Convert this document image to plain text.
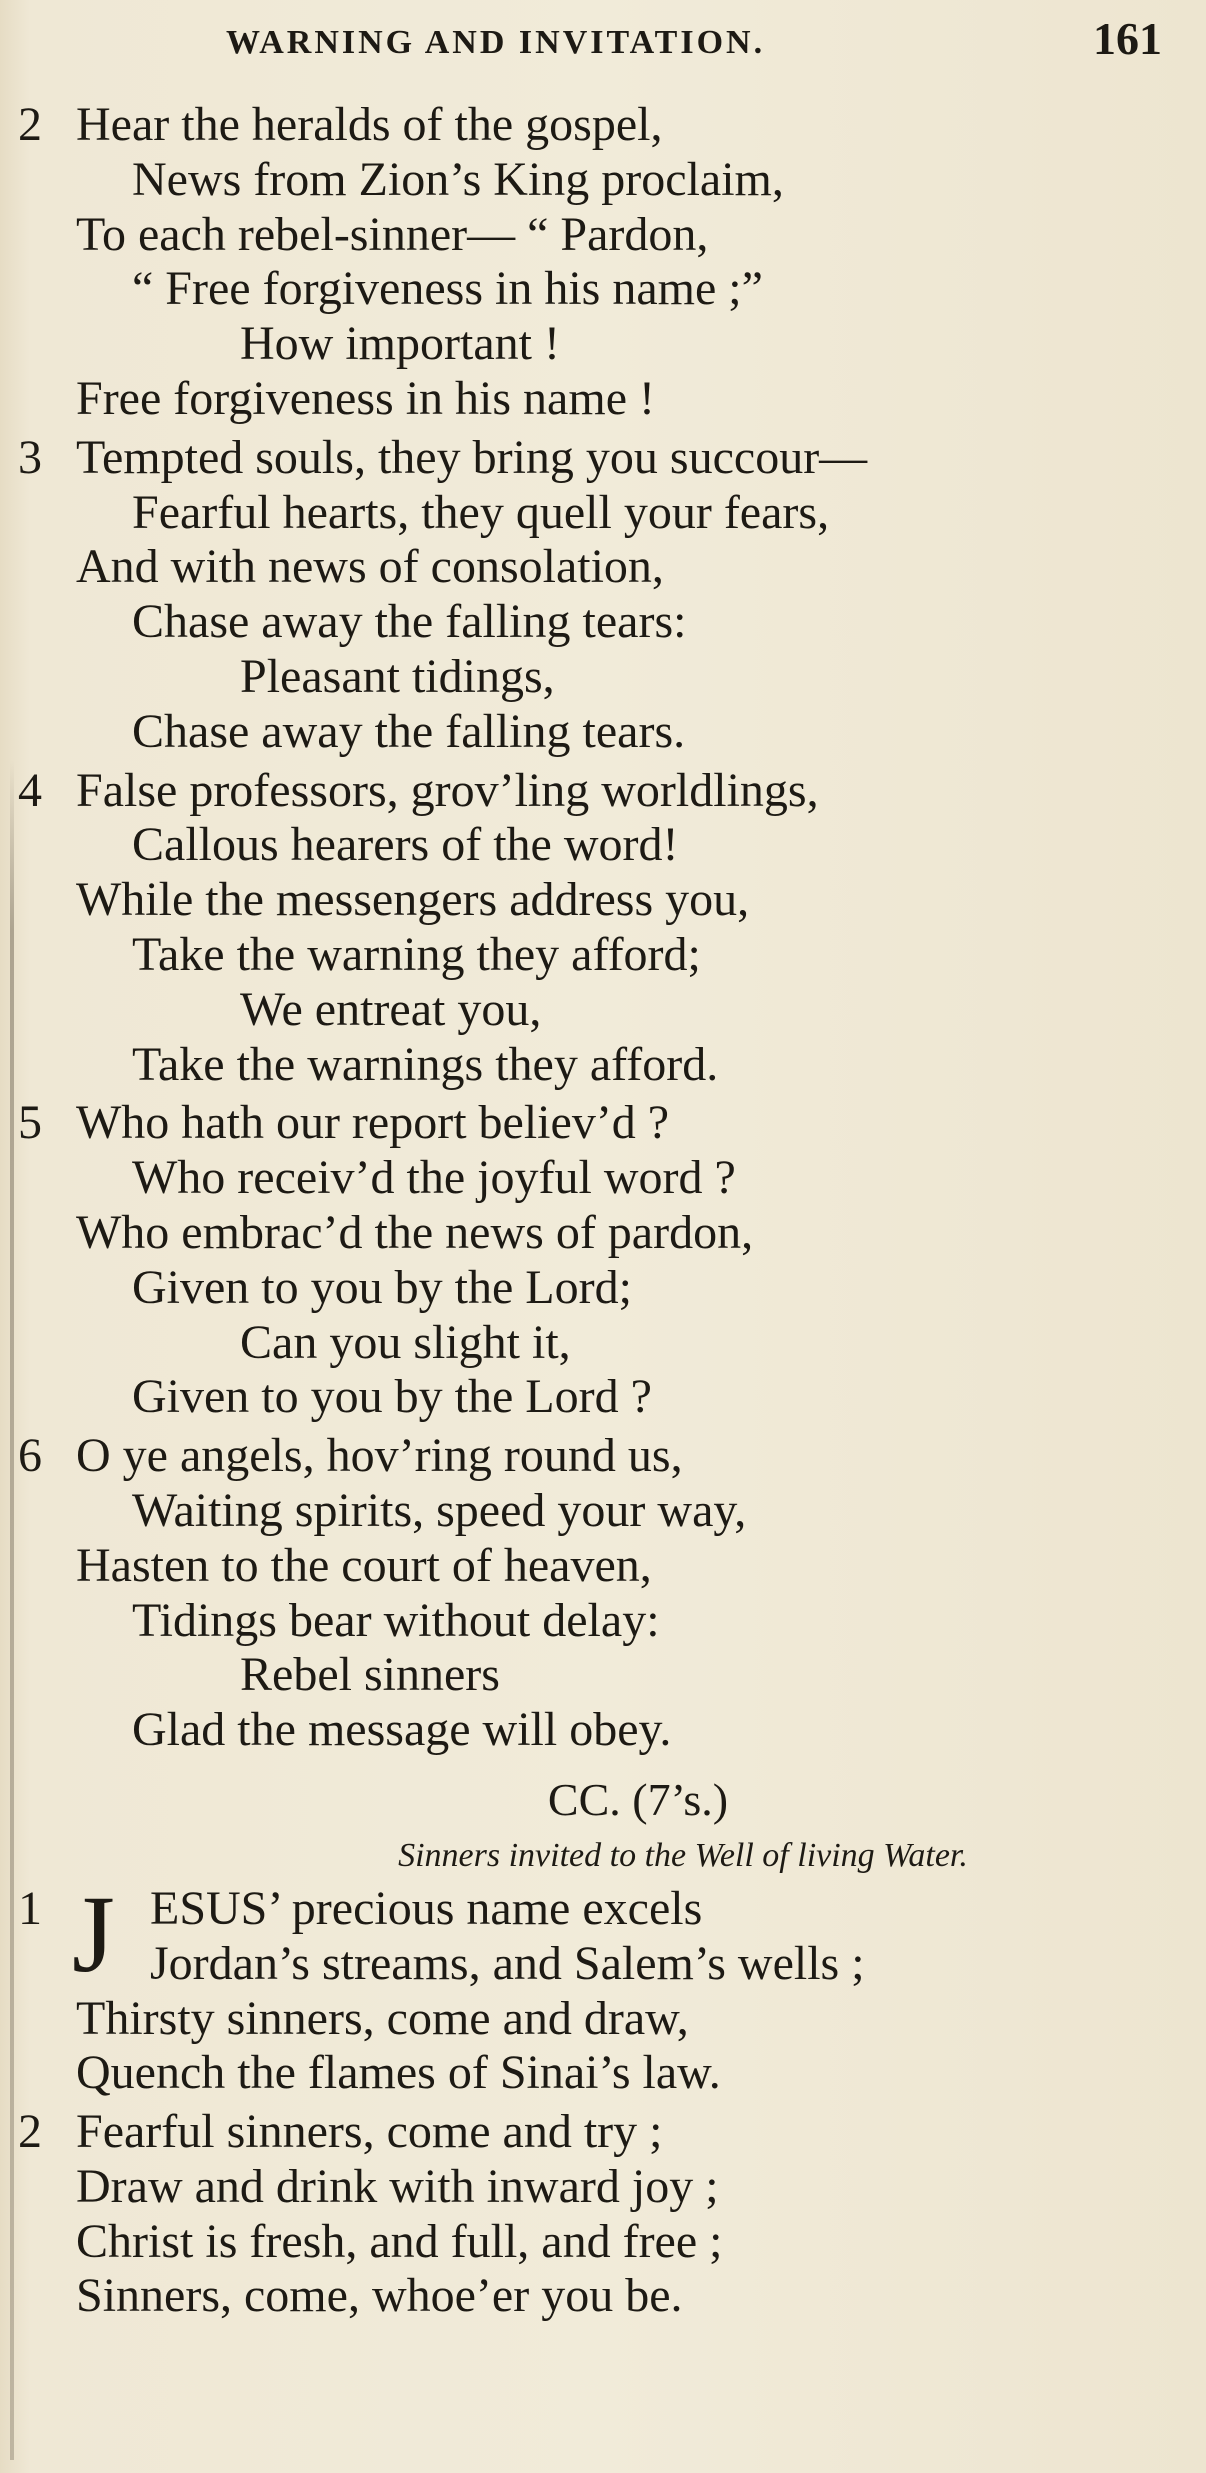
WARNING AND INVITATION.	161
2 Hear the heralds of the gospel,
News from Zion’s King proclaim,
To each rebel-sinner— “ Pardon,
“ Free forgiveness in his name ;”
How important !
Free forgiveness in his name !
3 Tempted souls, they bring you succour—
Fearful hearts, they quell your fears,
And with news of consolation,
Chase away the falling tears:
Pleasant tidings,
Chase away the falling tears.
4 False professors, grov’ling worldlings,
Callous hearers of the word!
While the messengers address you,
Take the warning they afford;
We entreat you,
Take the warnings they afford.
5 Who hath our report believ’d ?
Who receiv’d the joyful word ?
Who embrac’d the news of pardon,
Given to you by the Lord;
Can you slight it,
Given to you by the Lord ?
6 O ye angels, hov’ring round us,
Waiting spirits, speed your way,
Hasten to the court of heaven,
Tidings bear without delay:
Rebel sinners
Glad the message will obey.
CC. (7’s.)
Sinners invited to the Well of living Water.
1 J ESUS’ precious name excels
Jordan’s streams, and Salem’s wells ;
Thirsty sinners, come and draw,
Quench the flames of Sinai’s law.
2 Fearful sinners, come and try ;
Draw and drink with inward joy ;
Christ is fresh, and full, and free ;
Sinners, come, whoe’er you be.
